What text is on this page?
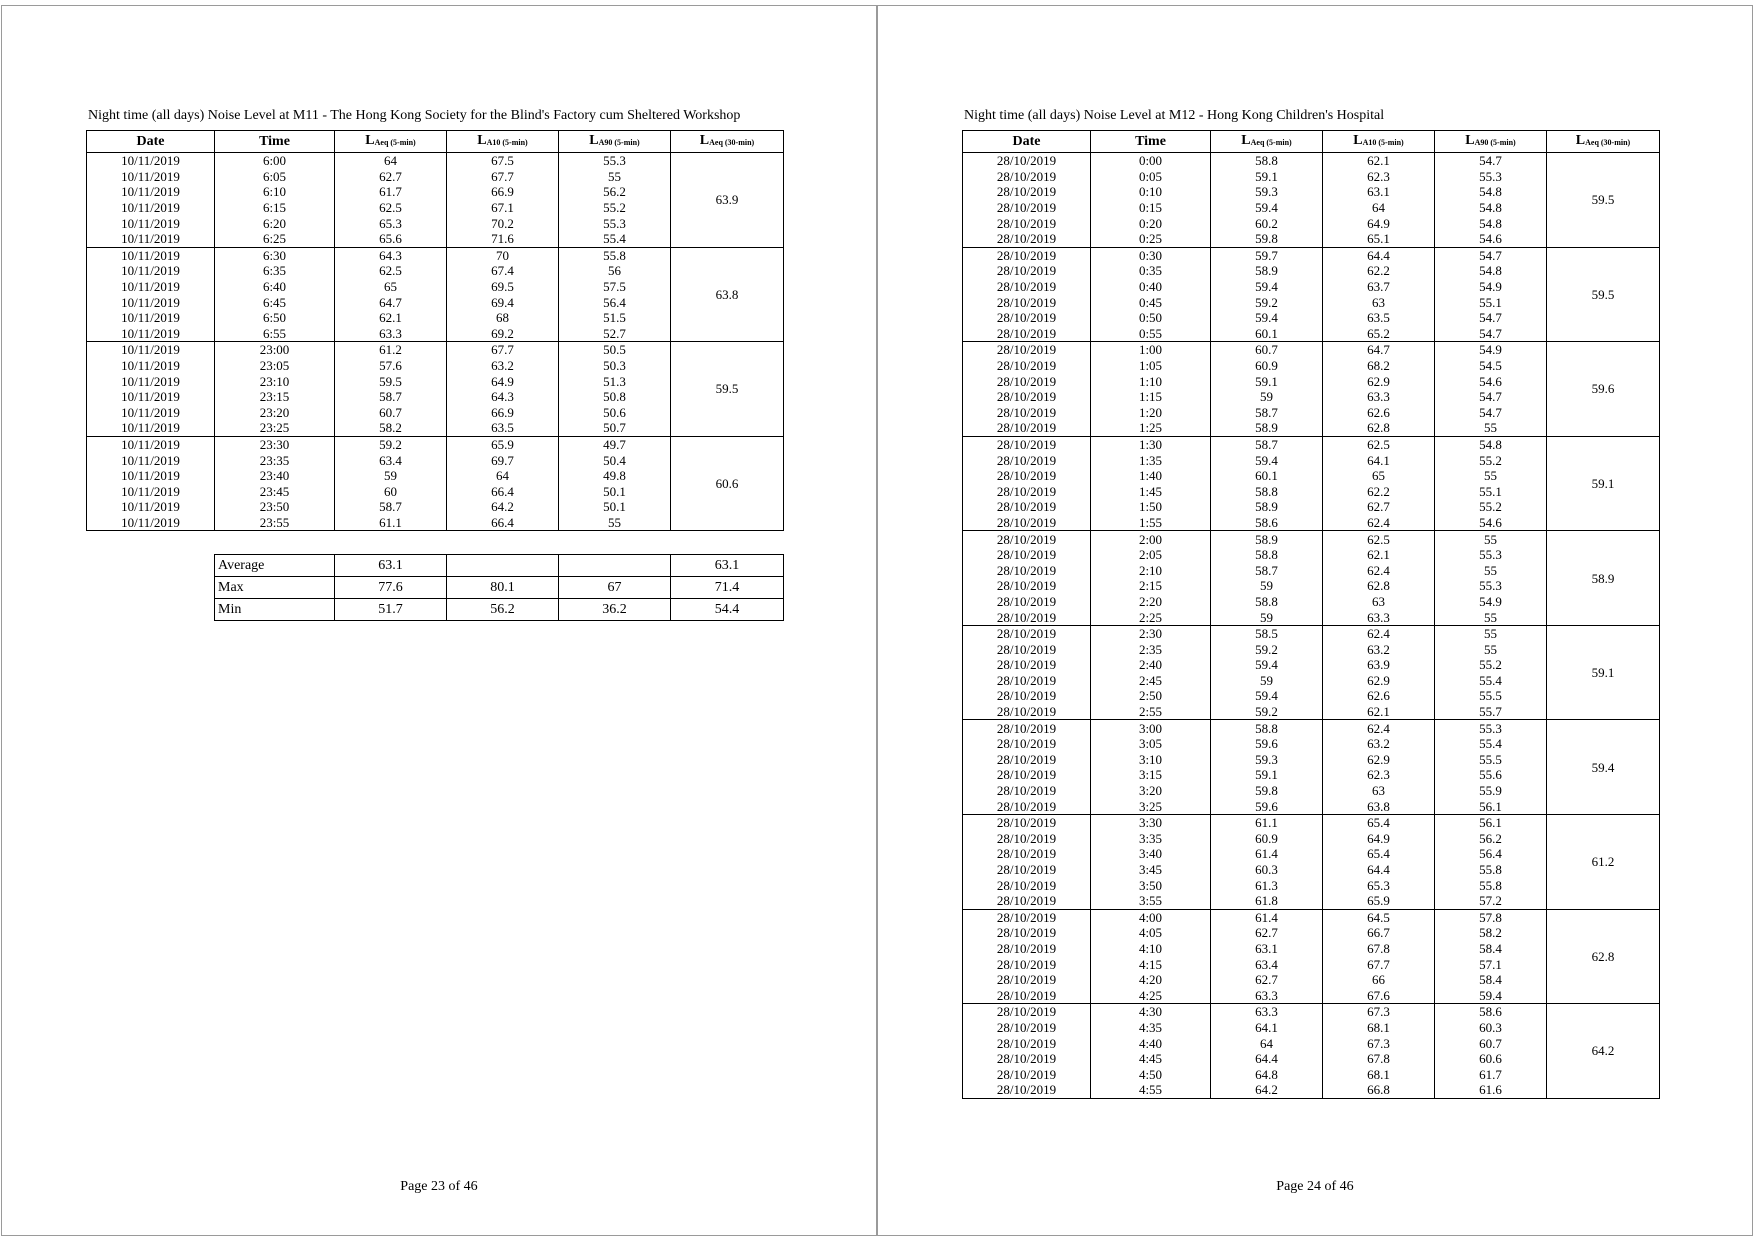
Night time (all days) Noise Level at M11 - The Hong Kong Society for the Blind's Factory cum Sheltered Workshop
Date	Time	$L_{Aeq (5-min)}$	$L_{A10 (5-min)}$	$L_{A90 (5-min)}$	$L_{Aeq (30-min)}$
10/11/2019	6:00	64	67.5	55.3	63.9
10/11/2019	6:05	62.7	67.7	55	
10/11/2019	6:10	61.7	66.9	56.2	
10/11/2019	6:15	62.5	67.1	55.2	
10/11/2019	6:20	65.3	70.2	55.3	
10/11/2019	6:25	65.6	71.6	55.4	
10/11/2019	6:30	64.3	70	55.8	63.8
10/11/2019	6:35	62.5	67.4	56	
10/11/2019	6:40	65	69.5	57.5	
10/11/2019	6:45	64.7	69.4	56.4	
10/11/2019	6:50	62.1	68	51.5	
10/11/2019	6:55	63.3	69.2	52.7	
10/11/2019	23:00	61.2	67.7	50.5	59.5
10/11/2019	23:05	57.6	63.2	50.3	
10/11/2019	23:10	59.5	64.9	51.3	
10/11/2019	23:15	58.7	64.3	50.8	
10/11/2019	23:20	60.7	66.9	50.6	
10/11/2019	23:25	58.2	63.5	50.7	
10/11/2019	23:30	59.2	65.9	49.7	60.6
10/11/2019	23:35	63.4	69.7	50.4	
10/11/2019	23:40	59	64	49.8	
10/11/2019	23:45	60	66.4	50.1	
10/11/2019	23:50	58.7	64.2	50.1	
10/11/2019	23:55	61.1	66.4	55	
Average	63.1			63.1
Max	77.6	80.1	67	71.4
Min	51.7	56.2	36.2	54.4
Page 23 of 46
Night time (all days) Noise Level at M12 - Hong Kong Children's Hospital
Date	Time	$L_{Aeq (5-min)}$	$L_{A10 (5-min)}$	$L_{A90 (5-min)}$	$L_{Aeq (30-min)}$
28/10/2019	0:00	58.8	62.1	54.7	59.5
28/10/2019	0:05	59.1	62.3	55.3	
28/10/2019	0:10	59.3	63.1	54.8	
28/10/2019	0:15	59.4	64	54.8	
28/10/2019	0:20	60.2	64.9	54.8	
28/10/2019	0:25	59.8	65.1	54.6	
28/10/2019	0:30	59.7	64.4	54.7	59.5
28/10/2019	0:35	58.9	62.2	54.8	
28/10/2019	0:40	59.4	63.7	54.9	
28/10/2019	0:45	59.2	63	55.1	
28/10/2019	0:50	59.4	63.5	54.7	
28/10/2019	0:55	60.1	65.2	54.7	
28/10/2019	1:00	60.7	64.7	54.9	59.6
28/10/2019	1:05	60.9	68.2	54.5	
28/10/2019	1:10	59.1	62.9	54.6	
28/10/2019	1:15	59	63.3	54.7	
28/10/2019	1:20	58.7	62.6	54.7	
28/10/2019	1:25	58.9	62.8	55	
28/10/2019	1:30	58.7	62.5	54.8	59.1
28/10/2019	1:35	59.4	64.1	55.2	
28/10/2019	1:40	60.1	65	55	
28/10/2019	1:45	58.8	62.2	55.1	
28/10/2019	1:50	58.9	62.7	55.2	
28/10/2019	1:55	58.6	62.4	54.6	
28/10/2019	2:00	58.9	62.5	55	58.9
28/10/2019	2:05	58.8	62.1	55.3	
28/10/2019	2:10	58.7	62.4	55	
28/10/2019	2:15	59	62.8	55.3	
28/10/2019	2:20	58.8	63	54.9	
28/10/2019	2:25	59	63.3	55	
28/10/2019	2:30	58.5	62.4	55	59.1
28/10/2019	2:35	59.2	63.2	55	
28/10/2019	2:40	59.4	63.9	55.2	
28/10/2019	2:45	59	62.9	55.4	
28/10/2019	2:50	59.4	62.6	55.5	
28/10/2019	2:55	59.2	62.1	55.7	
28/10/2019	3:00	58.8	62.4	55.3	59.4
28/10/2019	3:05	59.6	63.2	55.4	
28/10/2019	3:10	59.3	62.9	55.5	
28/10/2019	3:15	59.1	62.3	55.6	
28/10/2019	3:20	59.8	63	55.9	
28/10/2019	3:25	59.6	63.8	56.1	
28/10/2019	3:30	61.1	65.4	56.1	61.2
28/10/2019	3:35	60.9	64.9	56.2	
28/10/2019	3:40	61.4	65.4	56.4	
28/10/2019	3:45	60.3	64.4	55.8	
28/10/2019	3:50	61.3	65.3	55.8	
28/10/2019	3:55	61.8	65.9	57.2	
28/10/2019	4:00	61.4	64.5	57.8	62.8
28/10/2019	4:05	62.7	66.7	58.2	
28/10/2019	4:10	63.1	67.8	58.4	
28/10/2019	4:15	63.4	67.7	57.1	
28/10/2019	4:20	62.7	66	58.4	
28/10/2019	4:25	63.3	67.6	59.4	
28/10/2019	4:30	63.3	67.3	58.6	64.2
28/10/2019	4:35	64.1	68.1	60.3	
28/10/2019	4:40	64	67.3	60.7	
28/10/2019	4:45	64.4	67.8	60.6	
28/10/2019	4:50	64.8	68.1	61.7	
28/10/2019	4:55	64.2	66.8	61.6	
Page 24 of 46
